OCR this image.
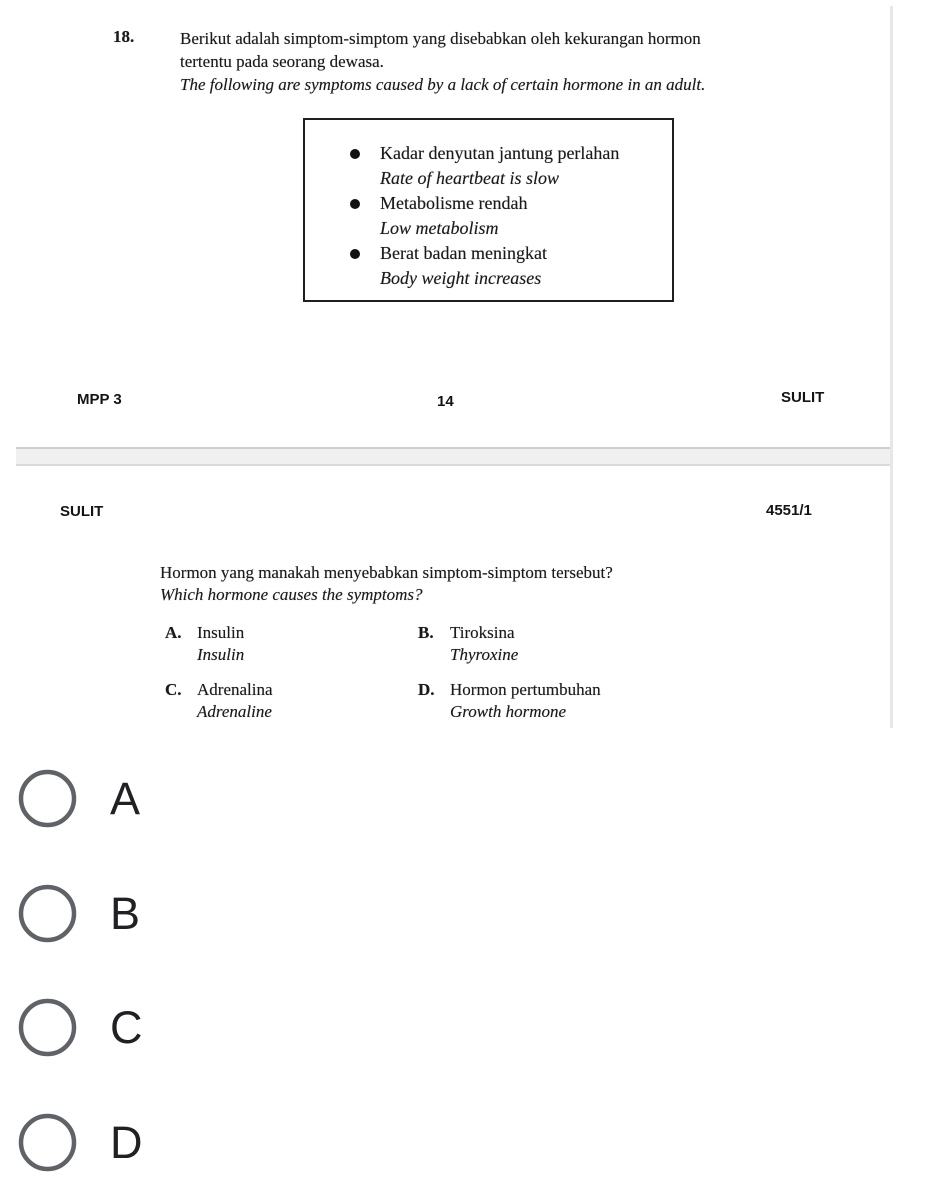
18.	Berikut adalah simptom-simptom yang disebabkan oleh kekurangan hormon
tertentu pada seorang dewasa.
The following are symptoms caused by a lack of certain hormone in an adult.
Kadar denyutan jantung perlahan
Rate of heartbeat is slow
Metabolisme rendah
Low metabolism
Berat badan meningkat
Body weight increases
MPP 3	14	SULIT
SULIT	4551/1
Hormon yang manakah menyebabkan simptom-simptom tersebut?
Which hormone causes the symptoms?
A. Insulin
Insulin
B. Tiroksina
Thyroxine
C. Adrenalina
Adrenaline
D. Hormon pertumbuhan
Growth hormone
A
B
C
D
